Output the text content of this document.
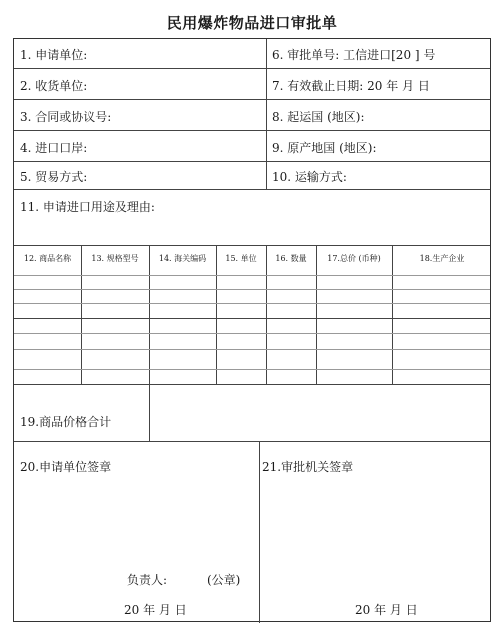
民用爆炸物品进口审批单
1. 申请单位:	6. 审批单号: 工信进口[20 ] 号
2. 收货单位:	7. 有效截止日期: 20 年 月 日
3. 合同或协议号:	8. 起运国 (地区):
4. 进口口岸:	9. 原产地国 (地区):
5. 贸易方式:	10. 运输方式:
11. 申请进口用途及理由:
12. 商品名称	13. 规格型号	14. 海关编码	15. 单位	16. 数量	17.总价 (币种)	18.生产企业
19.商品价格合计
20.申请单位签章	21.审批机关签章
负责人:	(公章)
20 年 月 日	20 年 月 日
